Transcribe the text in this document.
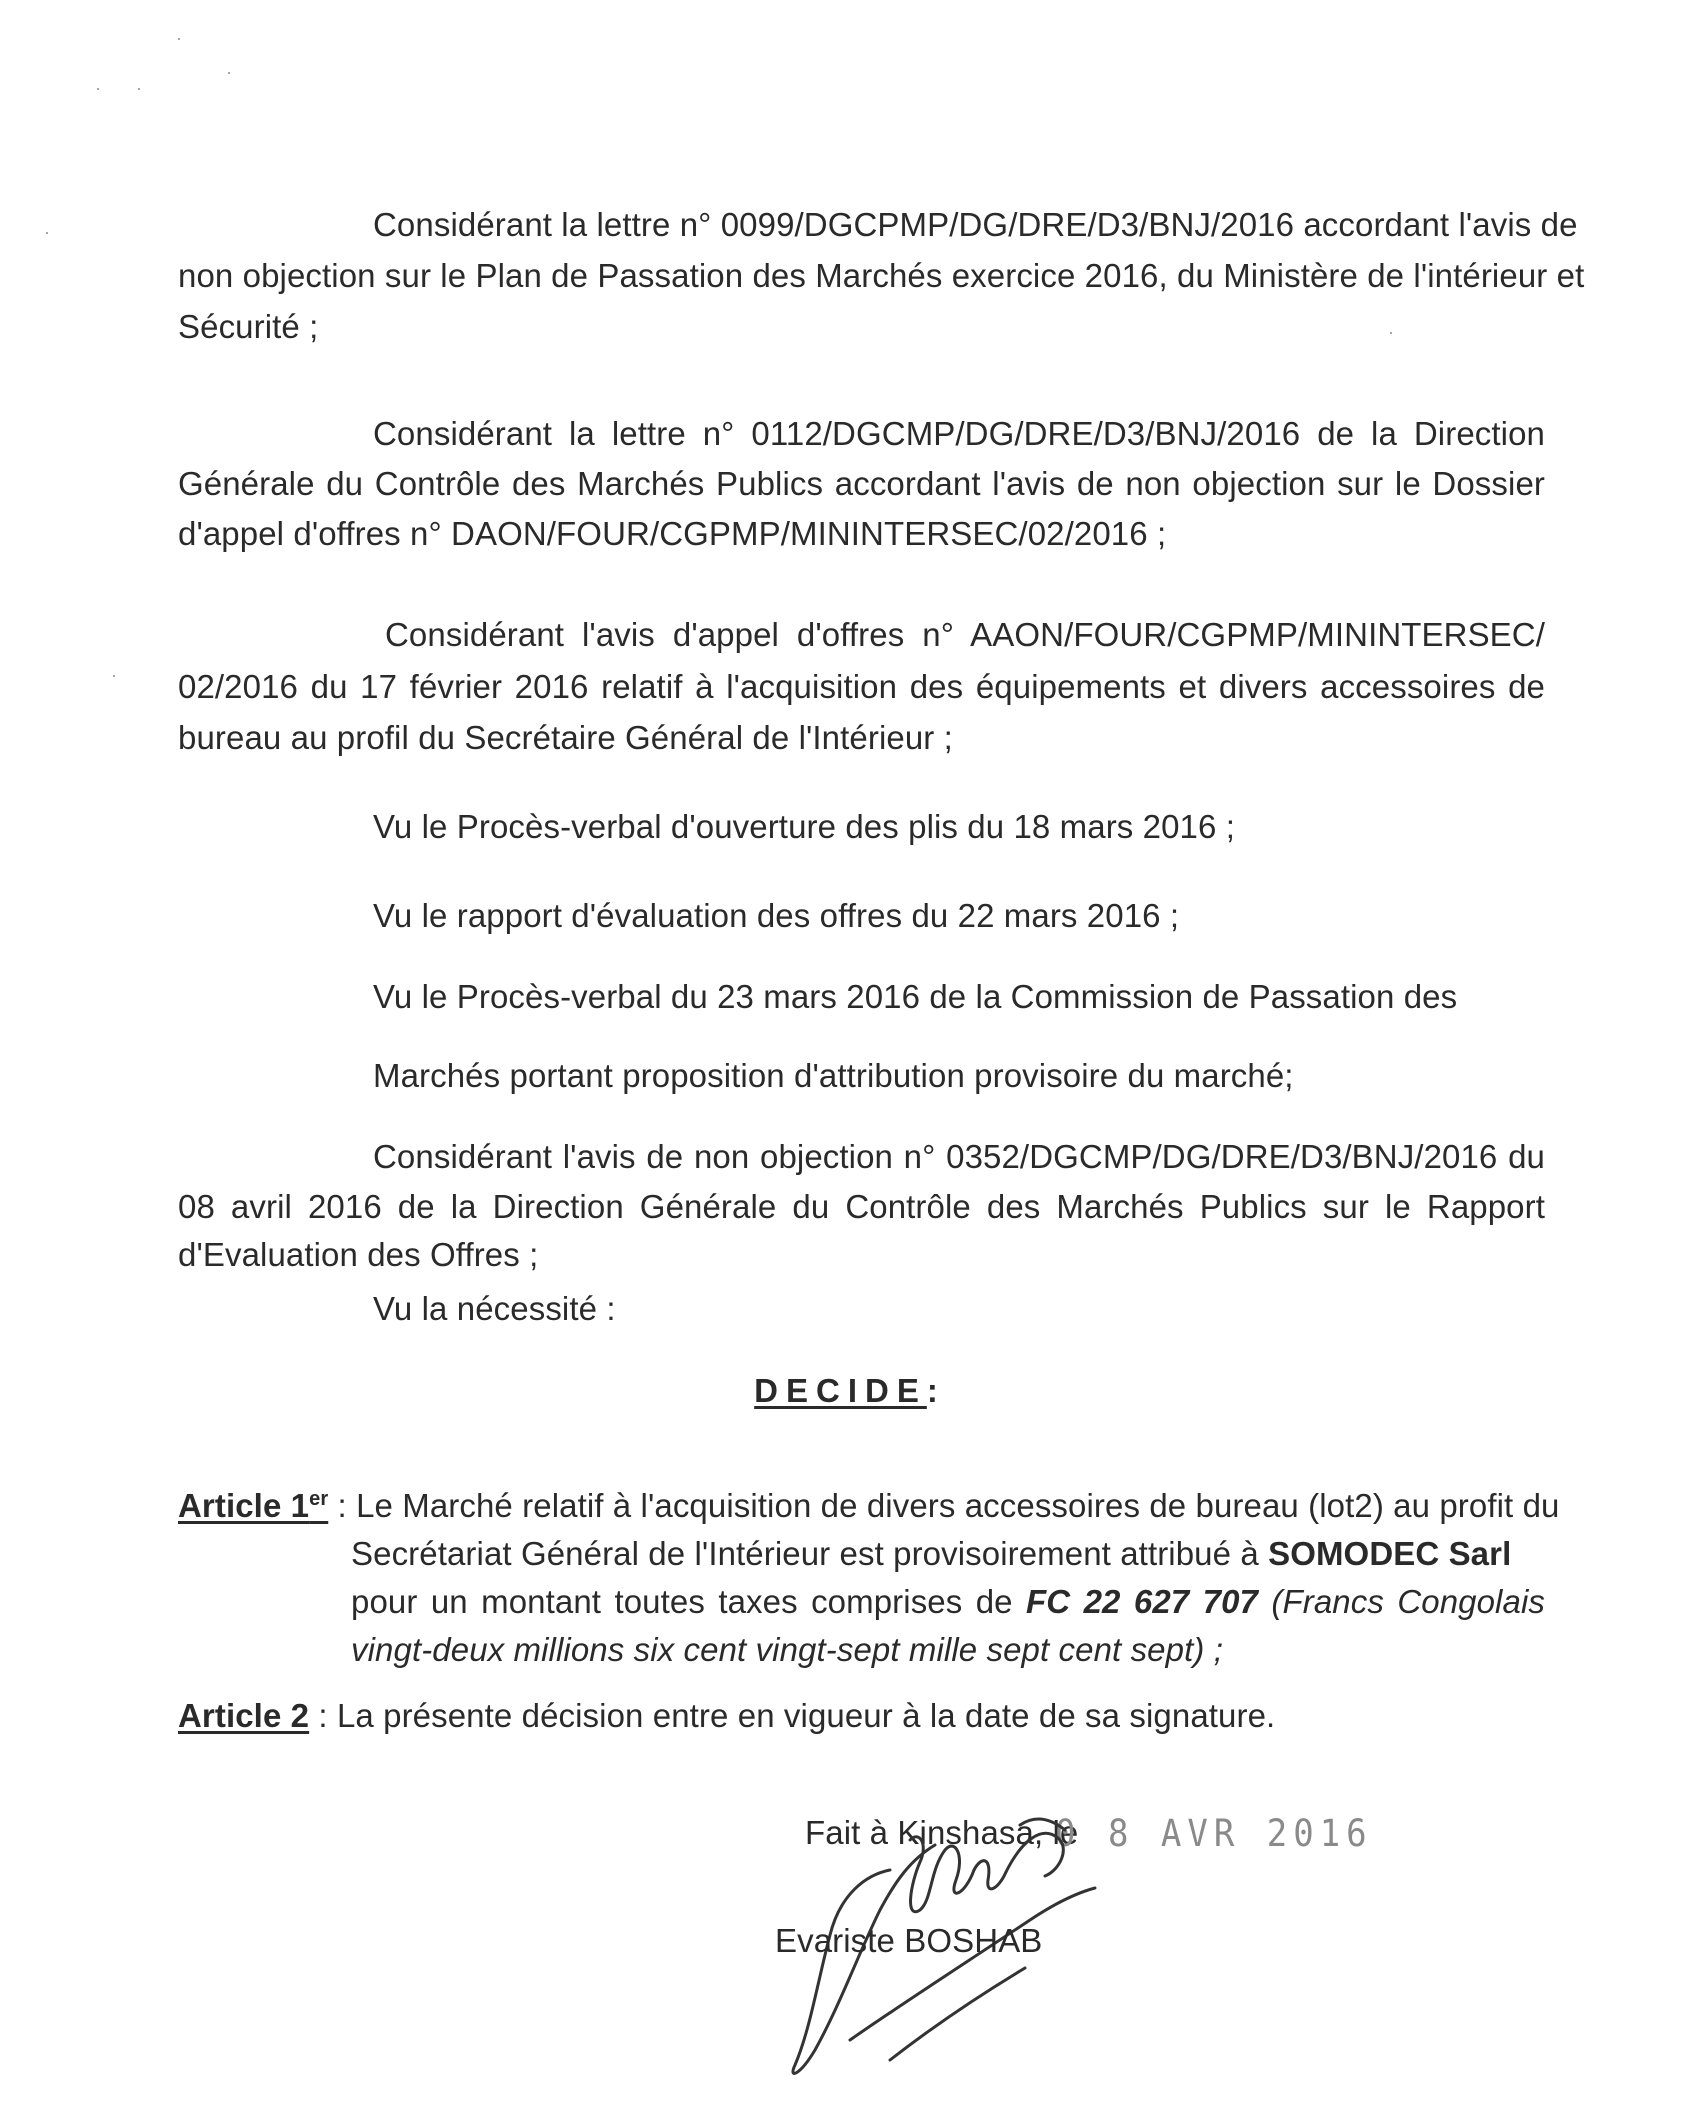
Considérant la lettre n° 0099/DGCPMP/DG/DRE/D3/BNJ/2016 accordant l'avis de
non objection sur le Plan de Passation des Marchés exercice 2016, du Ministère de l'intérieur et
Sécurité ;
Considérant la lettre n° 0112/DGCMP/DG/DRE/D3/BNJ/2016 de la Direction
Générale du Contrôle des Marchés Publics accordant l'avis de non objection sur le Dossier
d'appel d'offres n° DAON/FOUR/CGPMP/MININTERSEC/02/2016 ;
Considérant l'avis d'appel d'offres n° AAON/FOUR/CGPMP/MININTERSEC/
02/2016 du 17 février 2016 relatif à l'acquisition des équipements et divers accessoires de
bureau au profil du Secrétaire Général de l'Intérieur ;
Vu le Procès-verbal d'ouverture des plis du 18 mars 2016 ;
Vu le rapport d'évaluation des offres du 22 mars 2016 ;
Vu le Procès-verbal du 23 mars 2016 de la Commission de Passation des
Marchés portant proposition d'attribution provisoire du marché;
Considérant l'avis de non objection n° 0352/DGCMP/DG/DRE/D3/BNJ/2016 du
08 avril 2016 de la Direction Générale du Contrôle des Marchés Publics sur le Rapport
d'Evaluation des Offres ;
Vu la nécessité :
DECIDE:
Article 1er : Le Marché relatif à l'acquisition de divers accessoires de bureau (lot2) au profit du
Secrétariat Général de l'Intérieur est provisoirement attribué à SOMODEC Sarl
pour un montant toutes taxes comprises de FC 22 627 707 (Francs Congolais
vingt-deux millions six cent vingt-sept mille sept cent sept) ;
Article 2 : La présente décision entre en vigueur à la date de sa signature.
Fait à Kinshasa, le
0 8 AVR 2016
Evariste BOSHAB
